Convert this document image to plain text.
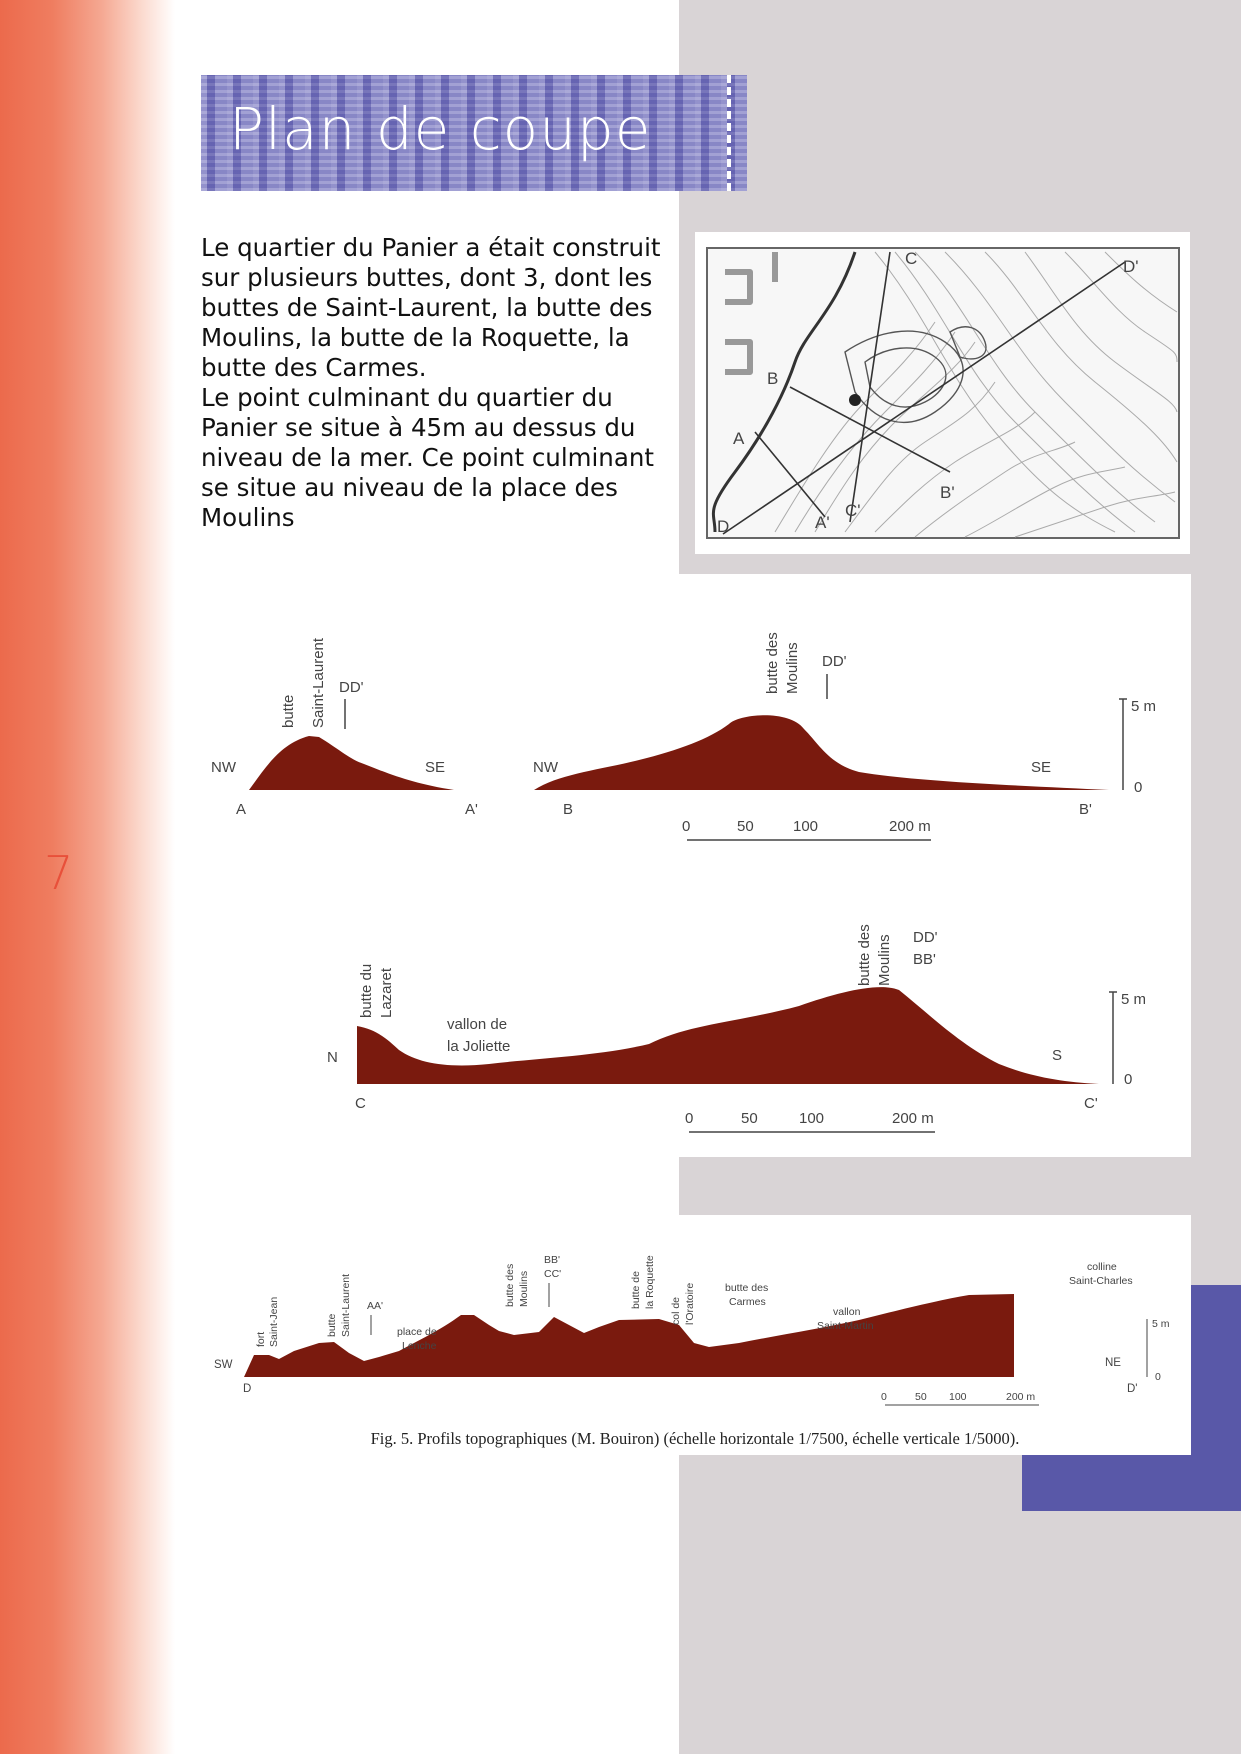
7
Plan de coupe

Le quartier du Panier a était construit sur plusieurs buttes, dont 3, dont les buttes de Saint-Laurent, la butte des Moulins, la butte de la Roquette, la butte des Carmes.

Le point culminant du quartier du Panier se situe à 45m au dessus du niveau de la mer. Ce point culminant se situe au niveau de la place des Moulins

C	D'
B
A
B'
C'
A'
D
NW	SE
A	A'
butte Saint-Laurent DD'
NW	SE
B	B'
butte des Moulins DD'
5 m
0
0	50	100	200 m
N	S
C	C'
butte du Lazaret
vallon de
la Joliette
butte des Moulins DD'
BB'
5 m
0
0	50	100	200 m
SW	NE
D	D'
fort Saint-Jean	butte Saint-Laurent AA'
place de
Lenche
butte des Moulins
BB'
CC'	butte de la Roquette
col de l'Oratoire	butte des
Carmes
vallon
Saint-Martin
colline
Saint-Charles
5 m
0
0	50 100	200 m
Fig. 5. Profils topographiques (M. Bouiron) (échelle horizontale 1/7500, échelle verticale 1/5000).
